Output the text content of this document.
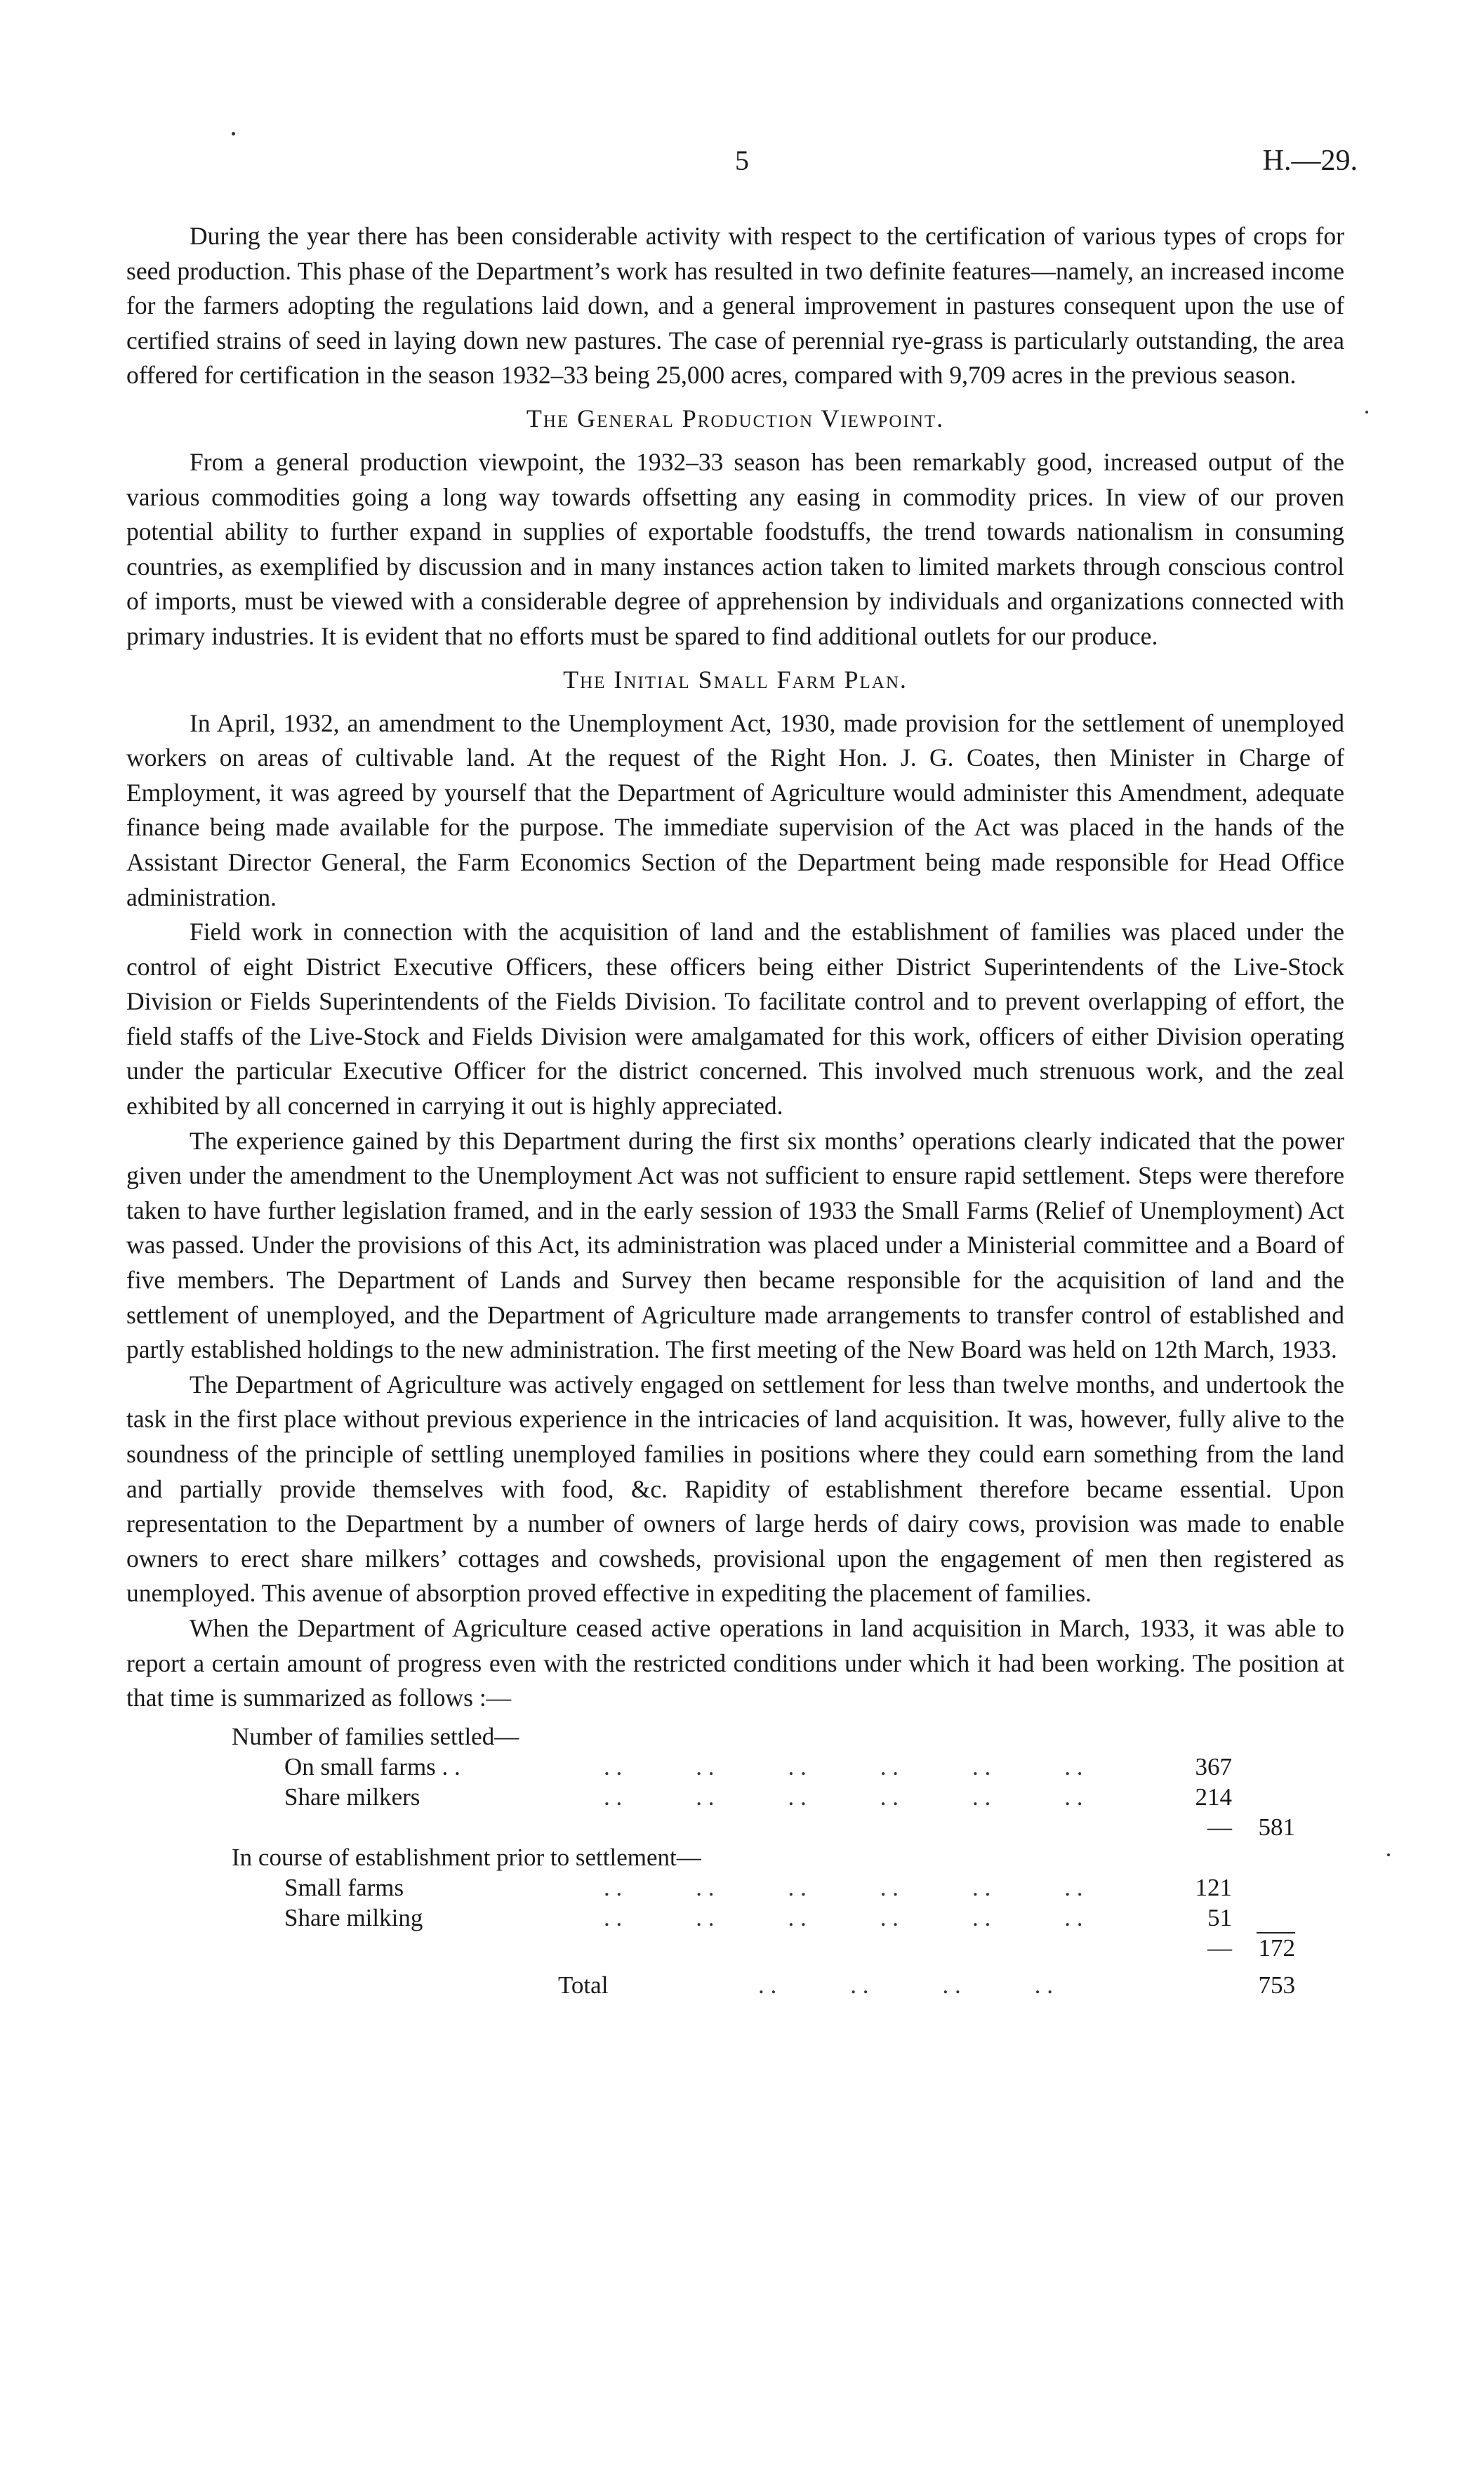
5	H.—29.

During the year there has been considerable activity with respect to the certification of various types of crops for seed production. This phase of the Department’s work has resulted in two definite features—namely, an increased income for the farmers adopting the regulations laid down, and a general improvement in pastures consequent upon the use of certified strains of seed in laying down new pastures. The case of perennial rye-grass is particularly outstanding, the area offered for certification in the season 1932–33 being 25,000 acres, compared with 9,709 acres in the previous season.

The General Production Viewpoint.

From a general production viewpoint, the 1932–33 season has been remarkably good, increased output of the various commodities going a long way towards offsetting any easing in commodity prices. In view of our proven potential ability to further expand in supplies of exportable foodstuffs, the trend towards nationalism in consuming countries, as exemplified by discussion and in many instances action taken to limited markets through conscious control of imports, must be viewed with a considerable degree of apprehension by individuals and organizations connected with primary industries. It is evident that no efforts must be spared to find additional outlets for our produce.

The Initial Small Farm Plan.

In April, 1932, an amendment to the Unemployment Act, 1930, made provision for the settlement of unemployed workers on areas of cultivable land. At the request of the Right Hon. J. G. Coates, then Minister in Charge of Employment, it was agreed by yourself that the Department of Agriculture would administer this Amendment, adequate finance being made available for the purpose. The immediate supervision of the Act was placed in the hands of the Assistant Director General, the Farm Economics Section of the Department being made responsible for Head Office administration.

Field work in connection with the acquisition of land and the establishment of families was placed under the control of eight District Executive Officers, these officers being either District Superintendents of the Live-Stock Division or Fields Superintendents of the Fields Division. To facilitate control and to prevent overlapping of effort, the field staffs of the Live-Stock and Fields Division were amalgamated for this work, officers of either Division operating under the particular Executive Officer for the district concerned. This involved much strenuous work, and the zeal exhibited by all concerned in carrying it out is highly appreciated.

The experience gained by this Department during the first six months’ operations clearly indicated that the power given under the amendment to the Unemployment Act was not sufficient to ensure rapid settlement. Steps were therefore taken to have further legislation framed, and in the early session of 1933 the Small Farms (Relief of Unemployment) Act was passed. Under the provisions of this Act, its administration was placed under a Ministerial committee and a Board of five members. The Department of Lands and Survey then became responsible for the acquisition of land and the settlement of unemployed, and the Department of Agriculture made arrangements to transfer control of established and partly established holdings to the new administration. The first meeting of the New Board was held on 12th March, 1933.

The Department of Agriculture was actively engaged on settlement for less than twelve months, and undertook the task in the first place without previous experience in the intricacies of land acquisition. It was, however, fully alive to the soundness of the principle of settling unemployed families in positions where they could earn something from the land and partially provide themselves with food, &c. Rapidity of establishment therefore became essential. Upon representation to the Department by a number of owners of large herds of dairy cows, provision was made to enable owners to erect share milkers’ cottages and cowsheds, provisional upon the engagement of men then registered as unemployed. This avenue of absorption proved effective in expediting the placement of families.

When the Department of Agriculture ceased active operations in land acquisition in March, 1933, it was able to report a certain amount of progress even with the restricted conditions under which it had been working. The position at that time is summarized as follows :—

Number of families settled—
On small farms . .	. .            . .            . .            . .            . .            . .	367
Share milkers	. .            . .            . .            . .            . .            . .	214
—	581
In course of establishment prior to settlement—
Small farms	. .            . .            . .            . .            . .            . .	121
Share milking	. .            . .            . .            . .            . .            . .	51
—	172
Total	. .            . .            . .            . .	753
